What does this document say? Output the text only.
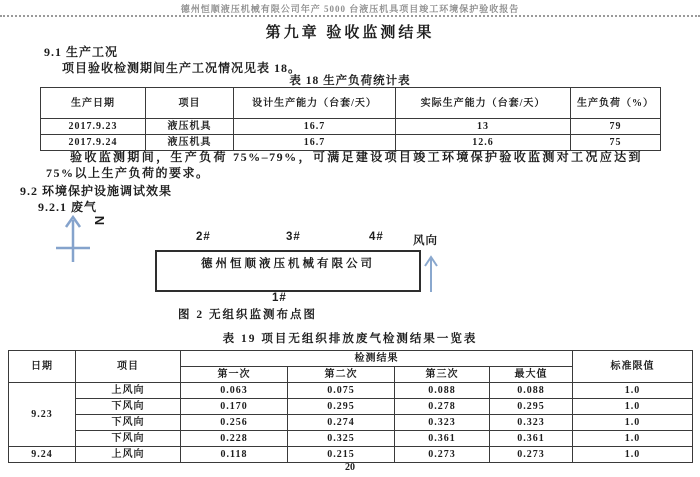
德州恒顺液压机械有限公司年产 5000 台液压机具项目竣工环境保护验收报告
第九章 验收监测结果
9.1 生产工况
项目验收检测期间生产工况情况见表 18。
表 18 生产负荷统计表
生产日期	项目	设计生产能力（台套/天）	实际生产能力（台套/天）	生产负荷（%）
2017.9.23	液压机具	16.7	13	79
2017.9.24	液压机具	16.7	12.6	75
验收监测期间，生产负荷 75%–79%，可满足建设项目竣工环境保护验收监测对工况应达到 75%以上生产负荷的要求。
9.2 环境保护设施调试效果
9.2.1 废气
N
2#	3#	4#	风向
德州恒顺液压机械有限公司
1#
图 2 无组织监测布点图
表 19 项目无组织排放废气检测结果一览表
日期	项目	检测结果				标准限值
		第一次	第二次	第三次	最大值	
9.23	上风向	0.063	0.075	0.088	0.088	1.0
	下风向	0.170	0.295	0.278	0.295	1.0
	下风向	0.256	0.274	0.323	0.323	1.0
	下风向	0.228	0.325	0.361	0.361	1.0
9.24	上风向	0.118	0.215	0.273	0.273	1.0
20
